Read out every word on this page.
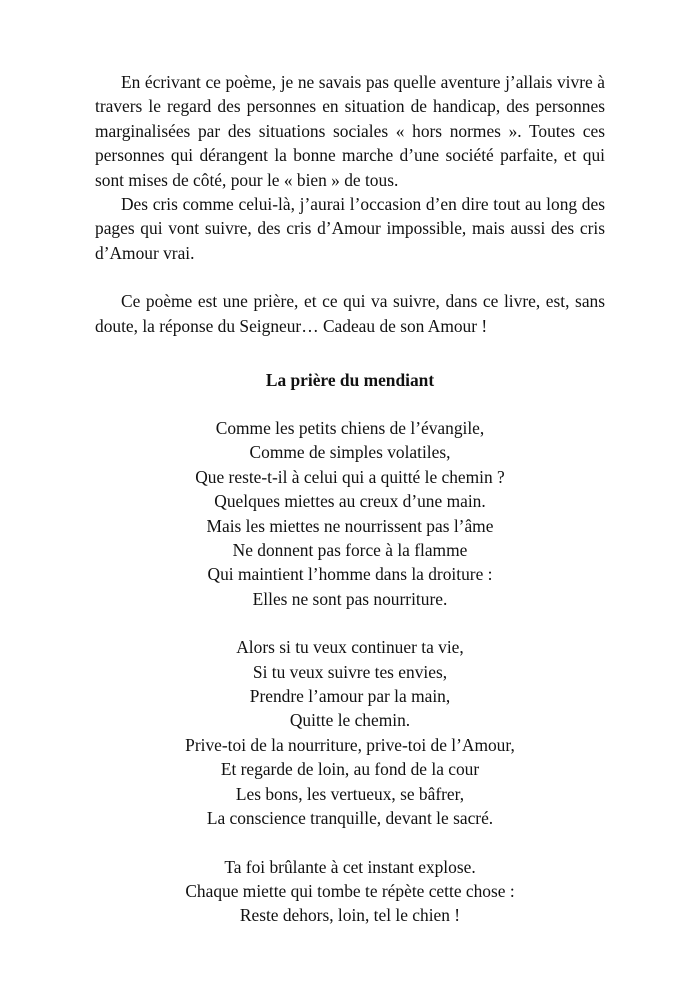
En écrivant ce poème, je ne savais pas quelle aventure j’allais vivre à travers le regard des personnes en situation de handicap, des personnes marginalisées par des situations sociales « hors normes ». Toutes ces personnes qui dérangent la bonne marche d’une société parfaite, et qui sont mises de côté, pour le « bien » de tous.

Des cris comme celui-là, j’aurai l’occasion d’en dire tout au long des pages qui vont suivre, des cris d’Amour impossible, mais aussi des cris d’Amour vrai.

Ce poème est une prière, et ce qui va suivre, dans ce livre, est, sans doute, la réponse du Seigneur… Cadeau de son Amour !

La prière du mendiant
Comme les petits chiens de l’évangile,
Comme de simples volatiles,
Que reste-t-il à celui qui a quitté le chemin ?
Quelques miettes au creux d’une main.
Mais les miettes ne nourrissent pas l’âme
Ne donnent pas force à la flamme
Qui maintient l’homme dans la droiture :
Elles ne sont pas nourriture.
Alors si tu veux continuer ta vie,
Si tu veux suivre tes envies,
Prendre l’amour par la main,
Quitte le chemin.
Prive-toi de la nourriture, prive-toi de l’Amour,
Et regarde de loin, au fond de la cour
Les bons, les vertueux, se bâfrer,
La conscience tranquille, devant le sacré.
Ta foi brûlante à cet instant explose.
Chaque miette qui tombe te répète cette chose :
Reste dehors, loin, tel le chien !
